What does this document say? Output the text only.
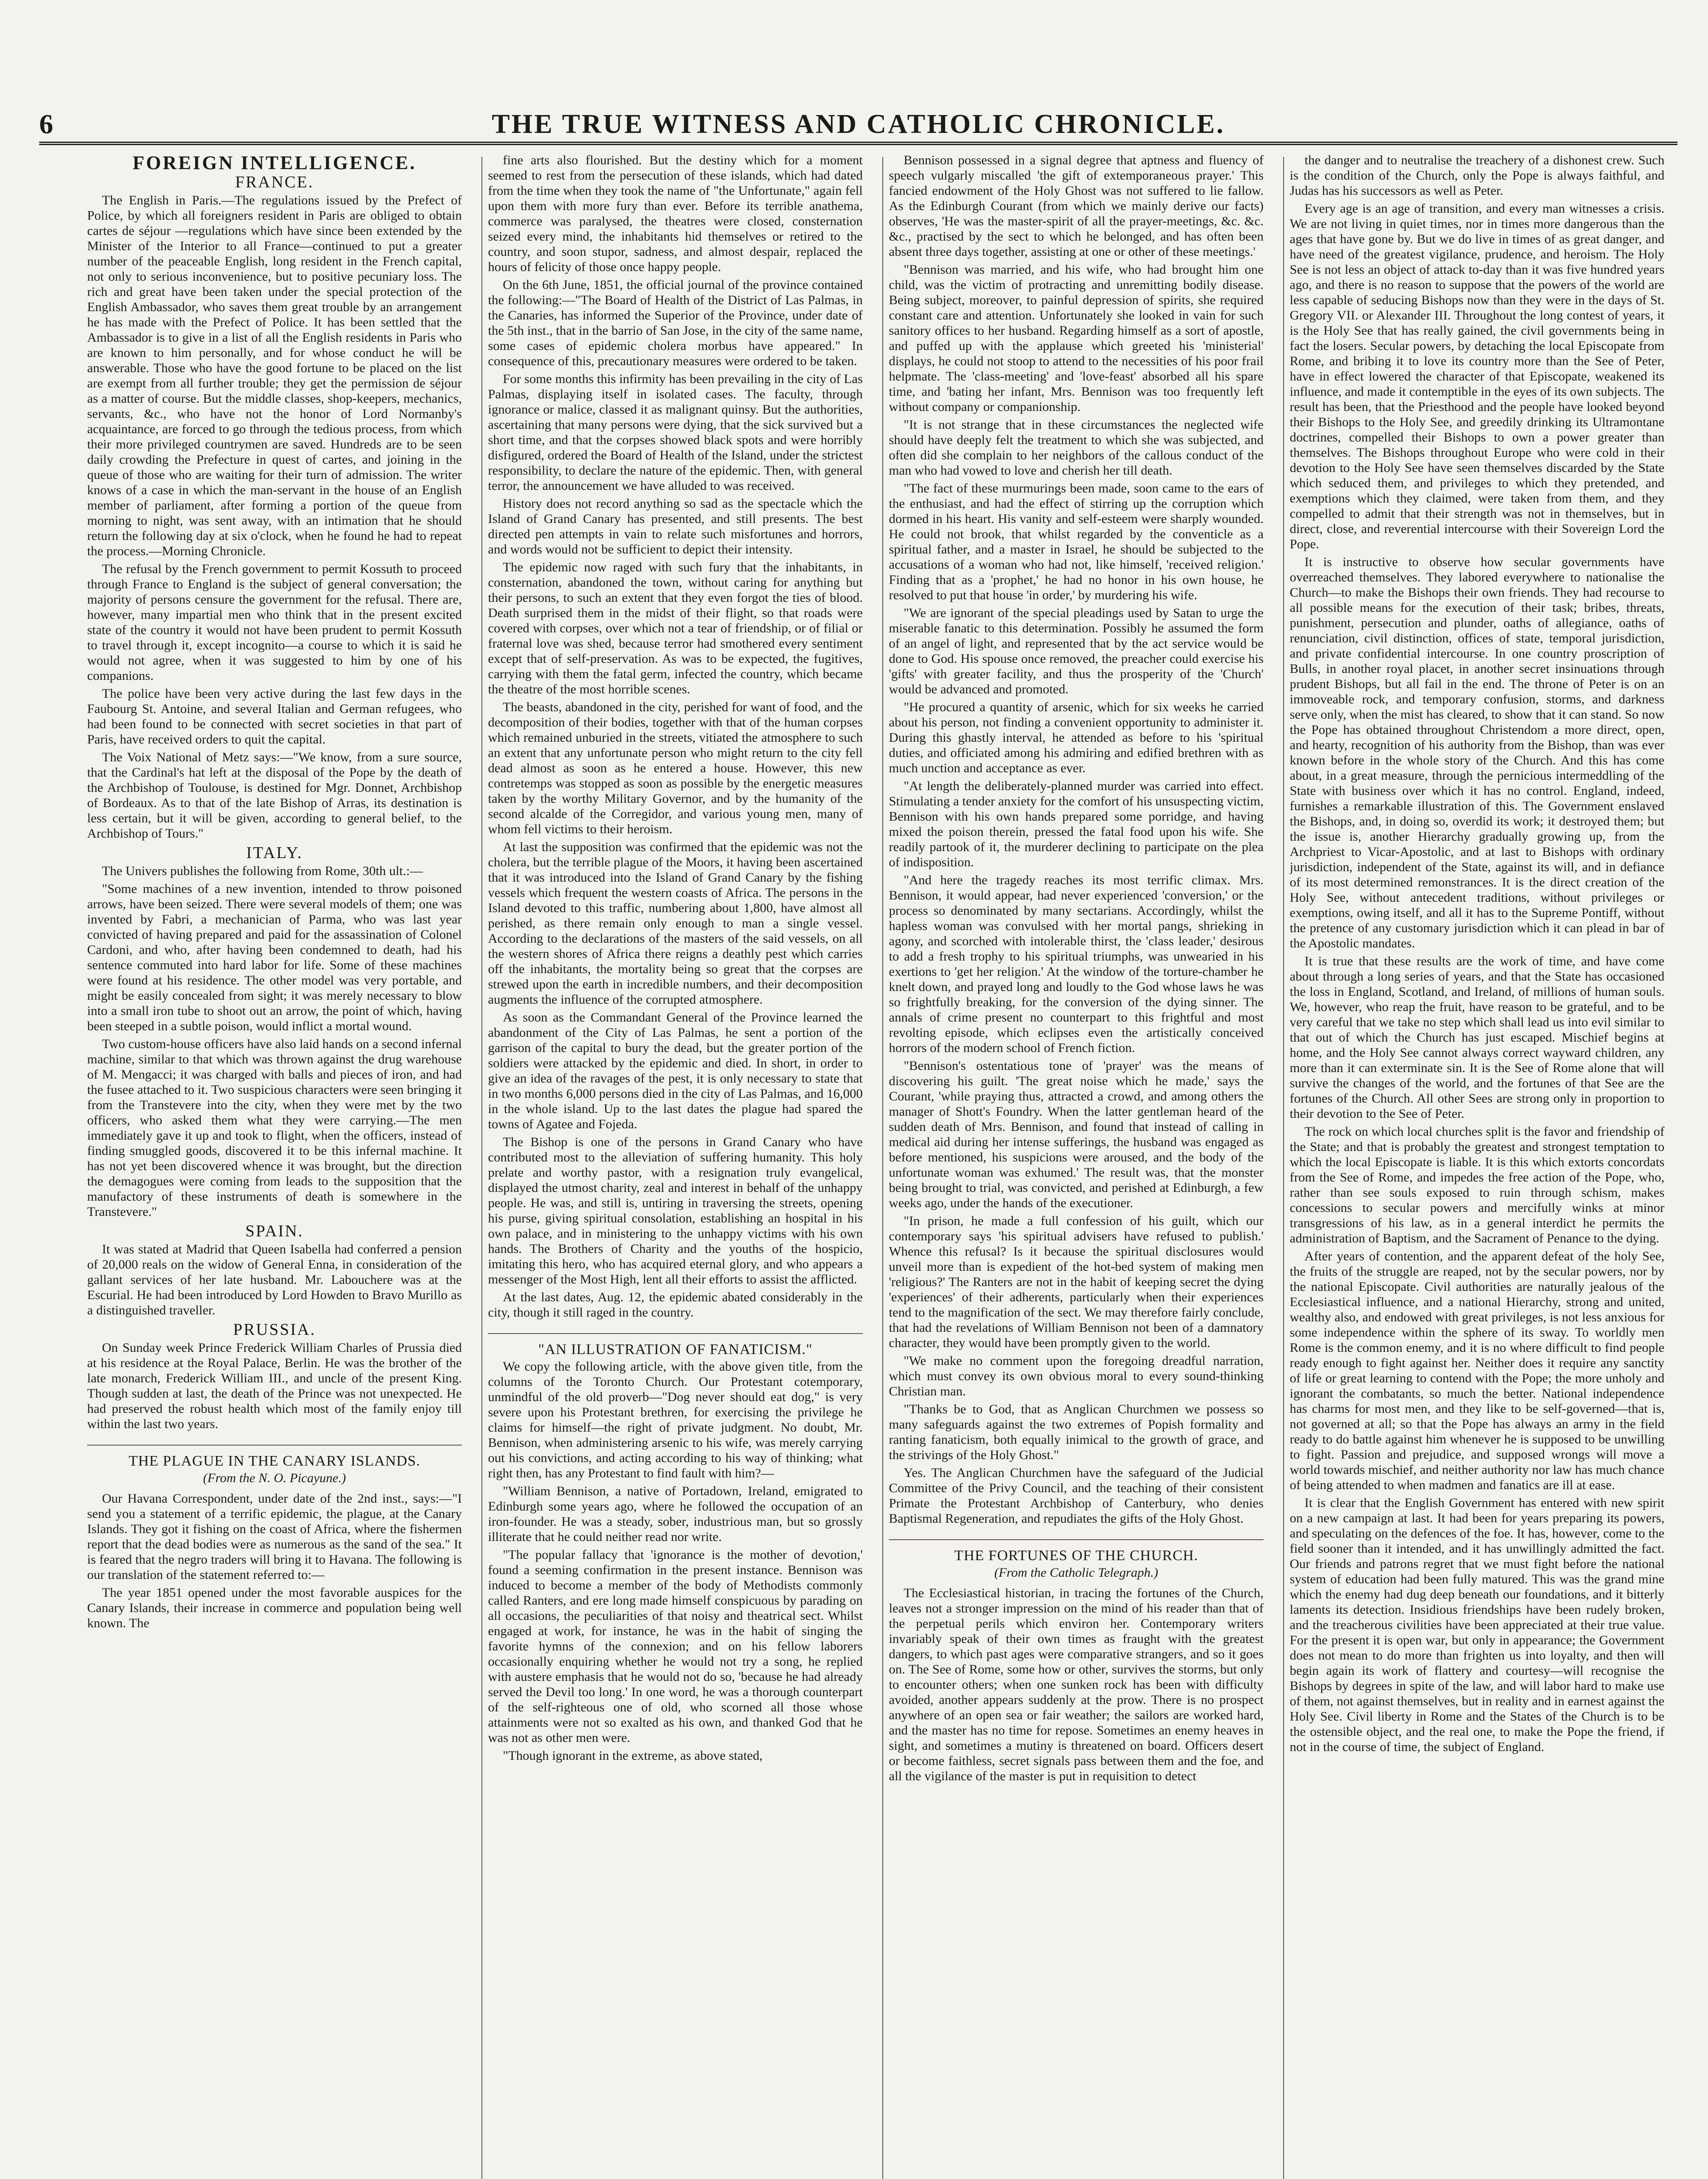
6	THE TRUE WITNESS AND CATHOLIC CHRONICLE.
FOREIGN INTELLIGENCE.
FRANCE.

The English in Paris.—The regulations issued by the Prefect of Police, by which all foreigners resident in Paris are obliged to obtain cartes de séjour —regulations which have since been extended by the Minister of the Interior to all France—continued to put a greater number of the peaceable English, long resident in the French capital, not only to serious inconvenience, but to positive pecuniary loss. The rich and great have been taken under the special protection of the English Ambassador, who saves them great trouble by an arrangement he has made with the Prefect of Police. It has been settled that the Ambassador is to give in a list of all the English residents in Paris who are known to him personally, and for whose conduct he will be answerable. Those who have the good fortune to be placed on the list are exempt from all further trouble; they get the permission de séjour as a matter of course. But the middle classes, shop-keepers, mechanics, servants, &c., who have not the honor of Lord Normanby's acquaintance, are forced to go through the tedious process, from which their more privileged countrymen are saved. Hundreds are to be seen daily crowding the Prefecture in quest of cartes, and joining in the queue of those who are waiting for their turn of admission. The writer knows of a case in which the man-servant in the house of an English member of parliament, after forming a portion of the queue from morning to night, was sent away, with an intimation that he should return the following day at six o'clock, when he found he had to repeat the process.—Morning Chronicle.

The refusal by the French government to permit Kossuth to proceed through France to England is the subject of general conversation; the majority of persons censure the government for the refusal. There are, however, many impartial men who think that in the present excited state of the country it would not have been prudent to permit Kossuth to travel through it, except incognito—a course to which it is said he would not agree, when it was suggested to him by one of his companions.

The police have been very active during the last few days in the Faubourg St. Antoine, and several Italian and German refugees, who had been found to be connected with secret societies in that part of Paris, have received orders to quit the capital.

The Voix National of Metz says:—"We know, from a sure source, that the Cardinal's hat left at the disposal of the Pope by the death of the Archbishop of Toulouse, is destined for Mgr. Donnet, Archbishop of Bordeaux. As to that of the late Bishop of Arras, its destination is less certain, but it will be given, according to general belief, to the Archbishop of Tours."

ITALY.

The Univers publishes the following from Rome, 30th ult.:—

"Some machines of a new invention, intended to throw poisoned arrows, have been seized. There were several models of them; one was invented by Fabri, a mechanician of Parma, who was last year convicted of having prepared and paid for the assassination of Colonel Cardoni, and who, after having been condemned to death, had his sentence commuted into hard labor for life. Some of these machines were found at his residence. The other model was very portable, and might be easily concealed from sight; it was merely necessary to blow into a small iron tube to shoot out an arrow, the point of which, having been steeped in a subtle poison, would inflict a mortal wound.

Two custom-house officers have also laid hands on a second infernal machine, similar to that which was thrown against the drug warehouse of M. Mengacci; it was charged with balls and pieces of iron, and had the fusee attached to it. Two suspicious characters were seen bringing it from the Transtevere into the city, when they were met by the two officers, who asked them what they were carrying.—The men immediately gave it up and took to flight, when the officers, instead of finding smuggled goods, discovered it to be this infernal machine. It has not yet been discovered whence it was brought, but the direction the demagogues were coming from leads to the supposition that the manufactory of these instruments of death is somewhere in the Transtevere."

SPAIN.

It was stated at Madrid that Queen Isabella had conferred a pension of 20,000 reals on the widow of General Enna, in consideration of the gallant services of her late husband. Mr. Labouchere was at the Escurial. He had been introduced by Lord Howden to Bravo Murillo as a distinguished traveller.

PRUSSIA.

On Sunday week Prince Frederick William Charles of Prussia died at his residence at the Royal Palace, Berlin. He was the brother of the late monarch, Frederick William III., and uncle of the present King. Though sudden at last, the death of the Prince was not unexpected. He had preserved the robust health which most of the family enjoy till within the last two years.

THE PLAGUE IN THE CANARY ISLANDS.
(From the N. O. Picayune.)

Our Havana Correspondent, under date of the 2nd inst., says:—"I send you a statement of a terrific epidemic, the plague, at the Canary Islands. They got it fishing on the coast of Africa, where the fishermen report that the dead bodies were as numerous as the sand of the sea." It is feared that the negro traders will bring it to Havana. The following is our translation of the statement referred to:—

The year 1851 opened under the most favorable auspices for the Canary Islands, their increase in commerce and population being well known. The

fine arts also flourished. But the destiny which for a moment seemed to rest from the persecution of these islands, which had dated from the time when they took the name of "the Unfortunate," again fell upon them with more fury than ever. Before its terrible anathema, commerce was paralysed, the theatres were closed, consternation seized every mind, the inhabitants hid themselves or retired to the country, and soon stupor, sadness, and almost despair, replaced the hours of felicity of those once happy people.

On the 6th June, 1851, the official journal of the province contained the following:—"The Board of Health of the District of Las Palmas, in the Canaries, has informed the Superior of the Province, under date of the 5th inst., that in the barrio of San Jose, in the city of the same name, some cases of epidemic cholera morbus have appeared." In consequence of this, precautionary measures were ordered to be taken.

For some months this infirmity has been prevailing in the city of Las Palmas, displaying itself in isolated cases. The faculty, through ignorance or malice, classed it as malignant quinsy. But the authorities, ascertaining that many persons were dying, that the sick survived but a short time, and that the corpses showed black spots and were horribly disfigured, ordered the Board of Health of the Island, under the strictest responsibility, to declare the nature of the epidemic. Then, with general terror, the announcement we have alluded to was received.

History does not record anything so sad as the spectacle which the Island of Grand Canary has presented, and still presents. The best directed pen attempts in vain to relate such misfortunes and horrors, and words would not be sufficient to depict their intensity.

The epidemic now raged with such fury that the inhabitants, in consternation, abandoned the town, without caring for anything but their persons, to such an extent that they even forgot the ties of blood. Death surprised them in the midst of their flight, so that roads were covered with corpses, over which not a tear of friendship, or of filial or fraternal love was shed, because terror had smothered every sentiment except that of self-preservation. As was to be expected, the fugitives, carrying with them the fatal germ, infected the country, which became the theatre of the most horrible scenes.

The beasts, abandoned in the city, perished for want of food, and the decomposition of their bodies, together with that of the human corpses which remained unburied in the streets, vitiated the atmosphere to such an extent that any unfortunate person who might return to the city fell dead almost as soon as he entered a house. However, this new contretemps was stopped as soon as possible by the energetic measures taken by the worthy Military Governor, and by the humanity of the second alcalde of the Corregidor, and various young men, many of whom fell victims to their heroism.

At last the supposition was confirmed that the epidemic was not the cholera, but the terrible plague of the Moors, it having been ascertained that it was introduced into the Island of Grand Canary by the fishing vessels which frequent the western coasts of Africa. The persons in the Island devoted to this traffic, numbering about 1,800, have almost all perished, as there remain only enough to man a single vessel. According to the declarations of the masters of the said vessels, on all the western shores of Africa there reigns a deathly pest which carries off the inhabitants, the mortality being so great that the corpses are strewed upon the earth in incredible numbers, and their decomposition augments the influence of the corrupted atmosphere.

As soon as the Commandant General of the Province learned the abandonment of the City of Las Palmas, he sent a portion of the garrison of the capital to bury the dead, but the greater portion of the soldiers were attacked by the epidemic and died. In short, in order to give an idea of the ravages of the pest, it is only necessary to state that in two months 6,000 persons died in the city of Las Palmas, and 16,000 in the whole island. Up to the last dates the plague had spared the towns of Agatee and Fojeda.

The Bishop is one of the persons in Grand Canary who have contributed most to the alleviation of suffering humanity. This holy prelate and worthy pastor, with a resignation truly evangelical, displayed the utmost charity, zeal and interest in behalf of the unhappy people. He was, and still is, untiring in traversing the streets, opening his purse, giving spiritual consolation, establishing an hospital in his own palace, and in ministering to the unhappy victims with his own hands. The Brothers of Charity and the youths of the hospicio, imitating this hero, who has acquired eternal glory, and who appears a messenger of the Most High, lent all their efforts to assist the afflicted.

At the last dates, Aug. 12, the epidemic abated considerably in the city, though it still raged in the country.

"AN ILLUSTRATION OF FANATICISM."

We copy the following article, with the above given title, from the columns of the Toronto Church. Our Protestant cotemporary, unmindful of the old proverb—"Dog never should eat dog," is very severe upon his Protestant brethren, for exercising the privilege he claims for himself—the right of private judgment. No doubt, Mr. Bennison, when administering arsenic to his wife, was merely carrying out his convictions, and acting according to his way of thinking; what right then, has any Protestant to find fault with him?—

"William Bennison, a native of Portadown, Ireland, emigrated to Edinburgh some years ago, where he followed the occupation of an iron-founder. He was a steady, sober, industrious man, but so grossly illiterate that he could neither read nor write.

"The popular fallacy that 'ignorance is the mother of devotion,' found a seeming confirmation in the present instance. Bennison was induced to become a member of the body of Methodists commonly called Ranters, and ere long made himself conspicuous by parading on all occasions, the peculiarities of that noisy and theatrical sect. Whilst engaged at work, for instance, he was in the habit of singing the favorite hymns of the connexion; and on his fellow laborers occasionally enquiring whether he would not try a song, he replied with austere emphasis that he would not do so, 'because he had already served the Devil too long.' In one word, he was a thorough counterpart of the self-righteous one of old, who scorned all those whose attainments were not so exalted as his own, and thanked God that he was not as other men were.

"Though ignorant in the extreme, as above stated,

Bennison possessed in a signal degree that aptness and fluency of speech vulgarly miscalled 'the gift of extemporaneous prayer.' This fancied endowment of the Holy Ghost was not suffered to lie fallow. As the Edinburgh Courant (from which we mainly derive our facts) observes, 'He was the master-spirit of all the prayer-meetings, &c. &c. &c., practised by the sect to which he belonged, and has often been absent three days together, assisting at one or other of these meetings.'

"Bennison was married, and his wife, who had brought him one child, was the victim of protracting and unremitting bodily disease. Being subject, moreover, to painful depression of spirits, she required constant care and attention. Unfortunately she looked in vain for such sanitory offices to her husband. Regarding himself as a sort of apostle, and puffed up with the applause which greeted his 'ministerial' displays, he could not stoop to attend to the necessities of his poor frail helpmate. The 'class-meeting' and 'love-feast' absorbed all his spare time, and 'bating her infant, Mrs. Bennison was too frequently left without company or companionship.

"It is not strange that in these circumstances the neglected wife should have deeply felt the treatment to which she was subjected, and often did she complain to her neighbors of the callous conduct of the man who had vowed to love and cherish her till death.

"The fact of these murmurings been made, soon came to the ears of the enthusiast, and had the effect of stirring up the corruption which dormed in his heart. His vanity and self-esteem were sharply wounded. He could not brook, that whilst regarded by the conventicle as a spiritual father, and a master in Israel, he should be subjected to the accusations of a woman who had not, like himself, 'received religion.' Finding that as a 'prophet,' he had no honor in his own house, he resolved to put that house 'in order,' by murdering his wife.

"We are ignorant of the special pleadings used by Satan to urge the miserable fanatic to this determination. Possibly he assumed the form of an angel of light, and represented that by the act service would be done to God. His spouse once removed, the preacher could exercise his 'gifts' with greater facility, and thus the prosperity of the 'Church' would be advanced and promoted.

"He procured a quantity of arsenic, which for six weeks he carried about his person, not finding a convenient opportunity to administer it. During this ghastly interval, he attended as before to his 'spiritual duties, and officiated among his admiring and edified brethren with as much unction and acceptance as ever.

"At length the deliberately-planned murder was carried into effect. Stimulating a tender anxiety for the comfort of his unsuspecting victim, Bennison with his own hands prepared some porridge, and having mixed the poison therein, pressed the fatal food upon his wife. She readily partook of it, the murderer declining to participate on the plea of indisposition.

"And here the tragedy reaches its most terrific climax. Mrs. Bennison, it would appear, had never experienced 'conversion,' or the process so denominated by many sectarians. Accordingly, whilst the hapless woman was convulsed with her mortal pangs, shrieking in agony, and scorched with intolerable thirst, the 'class leader,' desirous to add a fresh trophy to his spiritual triumphs, was unwearied in his exertions to 'get her religion.' At the window of the torture-chamber he knelt down, and prayed long and loudly to the God whose laws he was so frightfully breaking, for the conversion of the dying sinner. The annals of crime present no counterpart to this frightful and most revolting episode, which eclipses even the artistically conceived horrors of the modern school of French fiction.

"Bennison's ostentatious tone of 'prayer' was the means of discovering his guilt. 'The great noise which he made,' says the Courant, 'while praying thus, attracted a crowd, and among others the manager of Shott's Foundry. When the latter gentleman heard of the sudden death of Mrs. Bennison, and found that instead of calling in medical aid during her intense sufferings, the husband was engaged as before mentioned, his suspicions were aroused, and the body of the unfortunate woman was exhumed.' The result was, that the monster being brought to trial, was convicted, and perished at Edinburgh, a few weeks ago, under the hands of the executioner.

"In prison, he made a full confession of his guilt, which our contemporary says 'his spiritual advisers have refused to publish.' Whence this refusal? Is it because the spiritual disclosures would unveil more than is expedient of the hot-bed system of making men 'religious?' The Ranters are not in the habit of keeping secret the dying 'experiences' of their adherents, particularly when their experiences tend to the magnification of the sect. We may therefore fairly conclude, that had the revelations of William Bennison not been of a damnatory character, they would have been promptly given to the world.

"We make no comment upon the foregoing dreadful narration, which must convey its own obvious moral to every sound-thinking Christian man.

"Thanks be to God, that as Anglican Churchmen we possess so many safeguards against the two extremes of Popish formality and ranting fanaticism, both equally inimical to the growth of grace, and the strivings of the Holy Ghost."

Yes. The Anglican Churchmen have the safeguard of the Judicial Committee of the Privy Council, and the teaching of their consistent Primate the Protestant Archbishop of Canterbury, who denies Baptismal Regeneration, and repudiates the gifts of the Holy Ghost.

THE FORTUNES OF THE CHURCH.
(From the Catholic Telegraph.)

The Ecclesiastical historian, in tracing the fortunes of the Church, leaves not a stronger impression on the mind of his reader than that of the perpetual perils which environ her. Contemporary writers invariably speak of their own times as fraught with the greatest dangers, to which past ages were comparative strangers, and so it goes on. The See of Rome, some how or other, survives the storms, but only to encounter others; when one sunken rock has been with difficulty avoided, another appears suddenly at the prow. There is no prospect anywhere of an open sea or fair weather; the sailors are worked hard, and the master has no time for repose. Sometimes an enemy heaves in sight, and sometimes a mutiny is threatened on board. Officers desert or become faithless, secret signals pass between them and the foe, and all the vigilance of the master is put in requisition to detect

the danger and to neutralise the treachery of a dishonest crew. Such is the condition of the Church, only the Pope is always faithful, and Judas has his successors as well as Peter.

Every age is an age of transition, and every man witnesses a crisis. We are not living in quiet times, nor in times more dangerous than the ages that have gone by. But we do live in times of as great danger, and have need of the greatest vigilance, prudence, and heroism. The Holy See is not less an object of attack to-day than it was five hundred years ago, and there is no reason to suppose that the powers of the world are less capable of seducing Bishops now than they were in the days of St. Gregory VII. or Alexander III. Throughout the long contest of years, it is the Holy See that has really gained, the civil governments being in fact the losers. Secular powers, by detaching the local Episcopate from Rome, and bribing it to love its country more than the See of Peter, have in effect lowered the character of that Episcopate, weakened its influence, and made it contemptible in the eyes of its own subjects. The result has been, that the Priesthood and the people have looked beyond their Bishops to the Holy See, and greedily drinking its Ultramontane doctrines, compelled their Bishops to own a power greater than themselves. The Bishops throughout Europe who were cold in their devotion to the Holy See have seen themselves discarded by the State which seduced them, and privileges to which they pretended, and exemptions which they claimed, were taken from them, and they compelled to admit that their strength was not in themselves, but in direct, close, and reverential intercourse with their Sovereign Lord the Pope.

It is instructive to observe how secular governments have overreached themselves. They labored everywhere to nationalise the Church—to make the Bishops their own friends. They had recourse to all possible means for the execution of their task; bribes, threats, punishment, persecution and plunder, oaths of allegiance, oaths of renunciation, civil distinction, offices of state, temporal jurisdiction, and private confidential intercourse. In one country proscription of Bulls, in another royal placet, in another secret insinuations through prudent Bishops, but all fail in the end. The throne of Peter is on an immoveable rock, and temporary confusion, storms, and darkness serve only, when the mist has cleared, to show that it can stand. So now the Pope has obtained throughout Christendom a more direct, open, and hearty, recognition of his authority from the Bishop, than was ever known before in the whole story of the Church. And this has come about, in a great measure, through the pernicious intermeddling of the State with business over which it has no control. England, indeed, furnishes a remarkable illustration of this. The Government enslaved the Bishops, and, in doing so, overdid its work; it destroyed them; but the issue is, another Hierarchy gradually growing up, from the Archpriest to Vicar-Apostolic, and at last to Bishops with ordinary jurisdiction, independent of the State, against its will, and in defiance of its most determined remonstrances. It is the direct creation of the Holy See, without antecedent traditions, without privileges or exemptions, owing itself, and all it has to the Supreme Pontiff, without the pretence of any customary jurisdiction which it can plead in bar of the Apostolic mandates.

It is true that these results are the work of time, and have come about through a long series of years, and that the State has occasioned the loss in England, Scotland, and Ireland, of millions of human souls. We, however, who reap the fruit, have reason to be grateful, and to be very careful that we take no step which shall lead us into evil similar to that out of which the Church has just escaped. Mischief begins at home, and the Holy See cannot always correct wayward children, any more than it can exterminate sin. It is the See of Rome alone that will survive the changes of the world, and the fortunes of that See are the fortunes of the Church. All other Sees are strong only in proportion to their devotion to the See of Peter.

The rock on which local churches split is the favor and friendship of the State; and that is probably the greatest and strongest temptation to which the local Episcopate is liable. It is this which extorts concordats from the See of Rome, and impedes the free action of the Pope, who, rather than see souls exposed to ruin through schism, makes concessions to secular powers and mercifully winks at minor transgressions of his law, as in a general interdict he permits the administration of Baptism, and the Sacrament of Penance to the dying.

After years of contention, and the apparent defeat of the holy See, the fruits of the struggle are reaped, not by the secular powers, nor by the national Episcopate. Civil authorities are naturally jealous of the Ecclesiastical influence, and a national Hierarchy, strong and united, wealthy also, and endowed with great privileges, is not less anxious for some independence within the sphere of its sway. To worldly men Rome is the common enemy, and it is no where difficult to find people ready enough to fight against her. Neither does it require any sanctity of life or great learning to contend with the Pope; the more unholy and ignorant the combatants, so much the better. National independence has charms for most men, and they like to be self-governed—that is, not governed at all; so that the Pope has always an army in the field ready to do battle against him whenever he is supposed to be unwilling to fight. Passion and prejudice, and supposed wrongs will move a world towards mischief, and neither authority nor law has much chance of being attended to when madmen and fanatics are ill at ease.

It is clear that the English Government has entered with new spirit on a new campaign at last. It had been for years preparing its powers, and speculating on the defences of the foe. It has, however, come to the field sooner than it intended, and it has unwillingly admitted the fact. Our friends and patrons regret that we must fight before the national system of education had been fully matured. This was the grand mine which the enemy had dug deep beneath our foundations, and it bitterly laments its detection. Insidious friendships have been rudely broken, and the treacherous civilities have been appreciated at their true value. For the present it is open war, but only in appearance; the Government does not mean to do more than frighten us into loyalty, and then will begin again its work of flattery and courtesy—will recognise the Bishops by degrees in spite of the law, and will labor hard to make use of them, not against themselves, but in reality and in earnest against the Holy See. Civil liberty in Rome and the States of the Church is to be the ostensible object, and the real one, to make the Pope the friend, if not in the course of time, the subject of England.
